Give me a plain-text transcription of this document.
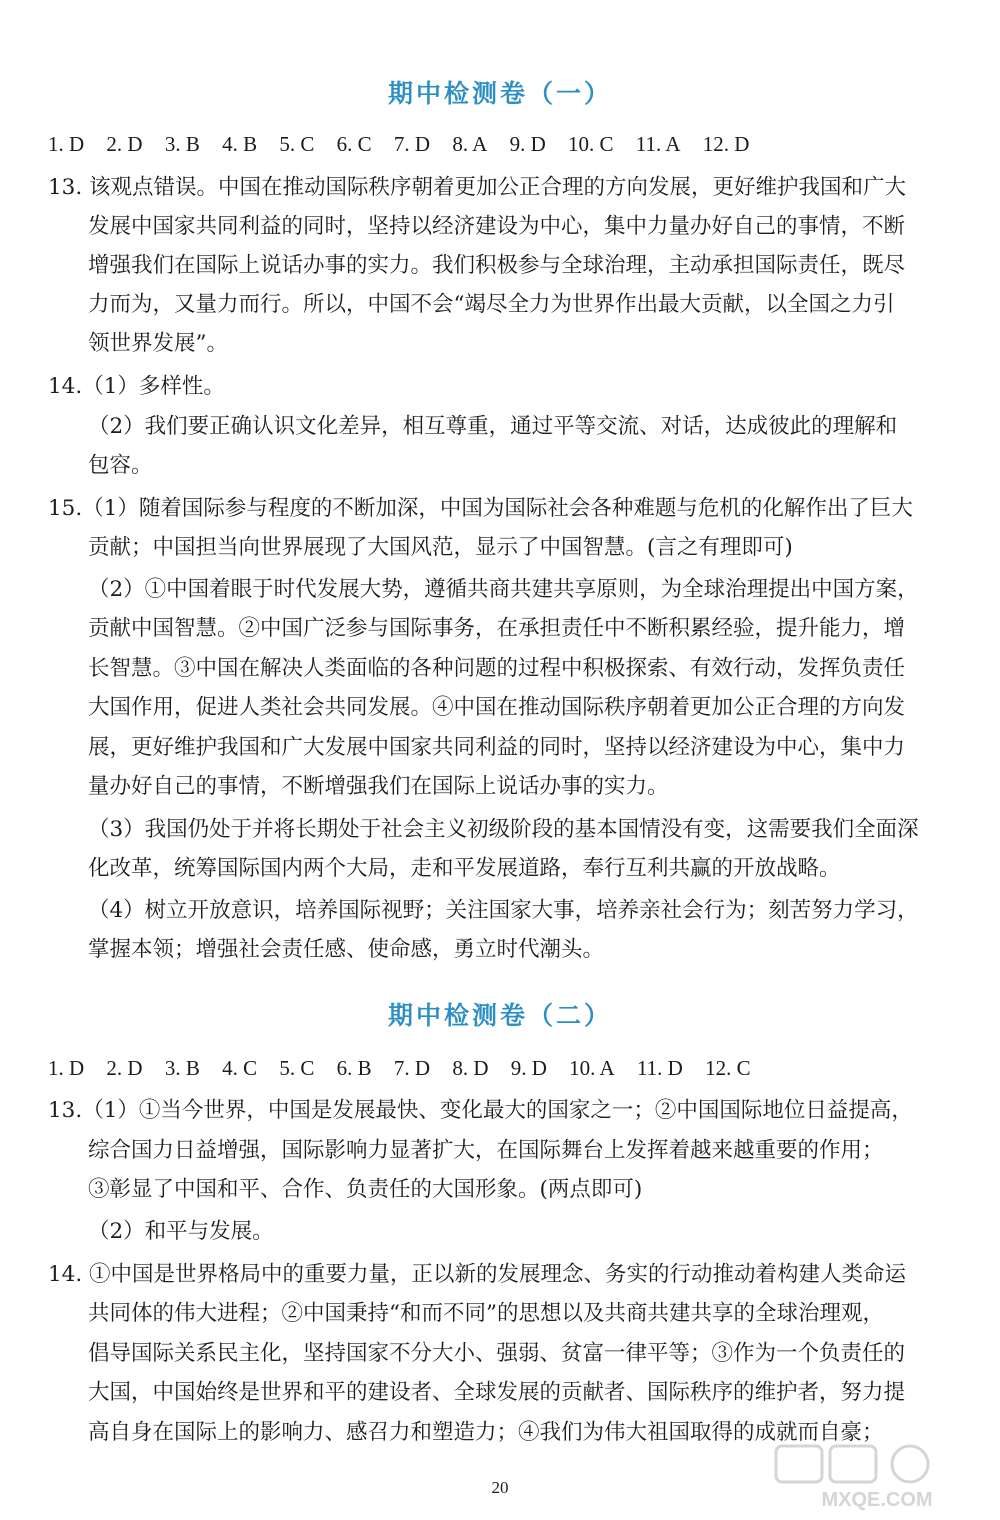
期中检测卷（一）
1. D 2. D 3. B 4. B 5. C 6. C 7. D 8. A 9. D 10. C 11. A 12. D
13. 该观点错误。中国在推动国际秩序朝着更加公正合理的方向发展，更好维护我国和广大
发展中国家共同利益的同时，坚持以经济建设为中心，集中力量办好自己的事情，不断
增强我们在国际上说话办事的实力。我们积极参与全球治理，主动承担国际责任，既尽
力而为，又量力而行。所以，中国不会“竭尽全力为世界作出最大贡献，以全国之力引
领世界发展”。
14.（1）多样性。
（2）我们要正确认识文化差异，相互尊重，通过平等交流、对话，达成彼此的理解和
包容。
15.（1）随着国际参与程度的不断加深，中国为国际社会各种难题与危机的化解作出了巨大
贡献；中国担当向世界展现了大国风范，显示了中国智慧。(言之有理即可)
（2）①中国着眼于时代发展大势，遵循共商共建共享原则，为全球治理提出中国方案，
贡献中国智慧。②中国广泛参与国际事务，在承担责任中不断积累经验，提升能力，增
长智慧。③中国在解决人类面临的各种问题的过程中积极探索、有效行动，发挥负责任
大国作用，促进人类社会共同发展。④中国在推动国际秩序朝着更加公正合理的方向发
展，更好维护我国和广大发展中国家共同利益的同时，坚持以经济建设为中心，集中力
量办好自己的事情，不断增强我们在国际上说话办事的实力。
（3）我国仍处于并将长期处于社会主义初级阶段的基本国情没有变，这需要我们全面深
化改革，统筹国际国内两个大局，走和平发展道路，奉行互利共赢的开放战略。
（4）树立开放意识，培养国际视野；关注国家大事，培养亲社会行为；刻苦努力学习，
掌握本领；增强社会责任感、使命感，勇立时代潮头。
期中检测卷（二）
1. D 2. D 3. B 4. C 5. C 6. B 7. D 8. D 9. D 10. A 11. D 12. C
13.（1）①当今世界，中国是发展最快、变化最大的国家之一；②中国国际地位日益提高，
综合国力日益增强，国际影响力显著扩大，在国际舞台上发挥着越来越重要的作用；
③彰显了中国和平、合作、负责任的大国形象。(两点即可)
（2）和平与发展。
14. ①中国是世界格局中的重要力量，正以新的发展理念、务实的行动推动着构建人类命运
共同体的伟大进程；②中国秉持“和而不同”的思想以及共商共建共享的全球治理观，
倡导国际关系民主化，坚持国家不分大小、强弱、贫富一律平等；③作为一个负责任的
大国，中国始终是世界和平的建设者、全球发展的贡献者、国际秩序的维护者，努力提
高自身在国际上的影响力、感召力和塑造力；④我们为伟大祖国取得的成就而自豪；
20
MXQE.COM
